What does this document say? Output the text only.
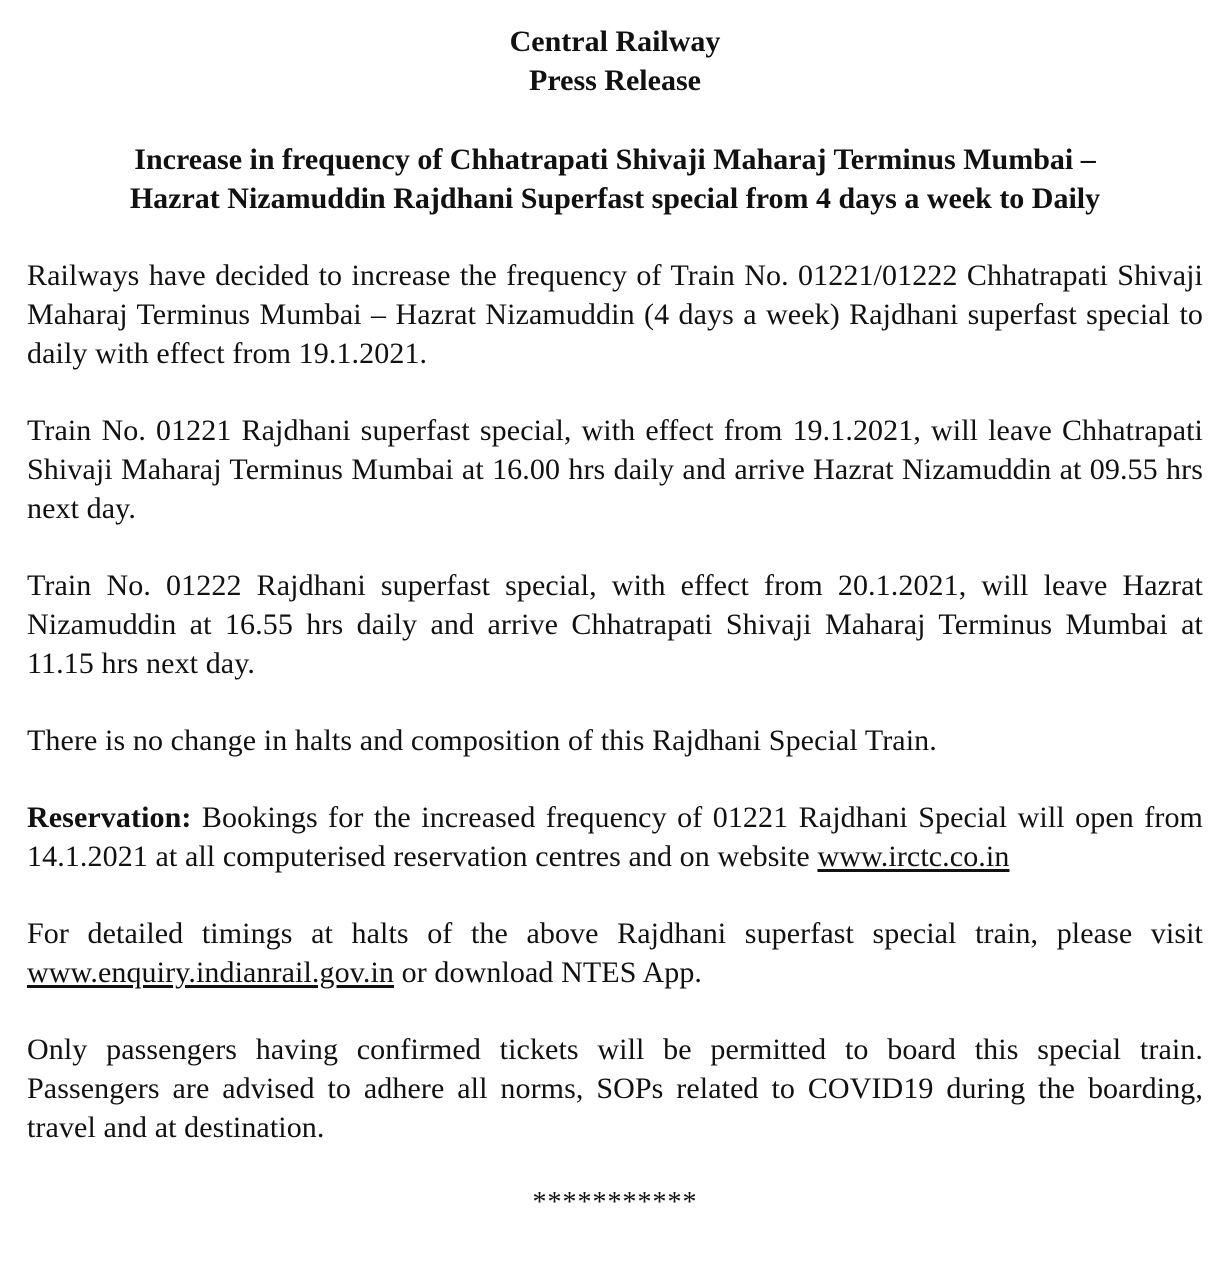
Central Railway

Press Release

Increase in frequency of Chhatrapati Shivaji Maharaj Terminus Mumbai –
Hazrat Nizamuddin Rajdhani Superfast special from 4 days a week to Daily

Railways have decided to increase the frequency of Train No. 01221/01222 Chhatrapati Shivaji Maharaj Terminus Mumbai – Hazrat Nizamuddin (4 days a week) Rajdhani superfast special to daily with effect from 19.1.2021.

Train No. 01221 Rajdhani superfast special, with effect from 19.1.2021, will leave Chhatrapati Shivaji Maharaj Terminus Mumbai at 16.00 hrs daily and arrive Hazrat Nizamuddin at 09.55 hrs next day.

Train No. 01222 Rajdhani superfast special, with effect from 20.1.2021, will leave Hazrat Nizamuddin at 16.55 hrs daily and arrive Chhatrapati Shivaji Maharaj Terminus Mumbai at 11.15 hrs next day.

There is no change in halts and composition of this Rajdhani Special Train.

Reservation: Bookings for the increased frequency of 01221 Rajdhani Special will open from 14.1.2021 at all computerised reservation centres and on website www.irctc.co.in

For detailed timings at halts of the above Rajdhani superfast special train, please visit www.enquiry.indianrail.gov.in or download NTES App.

Only passengers having confirmed tickets will be permitted to board this special train. Passengers are advised to adhere all norms, SOPs related to COVID19 during the boarding, travel and at destination.

***********
